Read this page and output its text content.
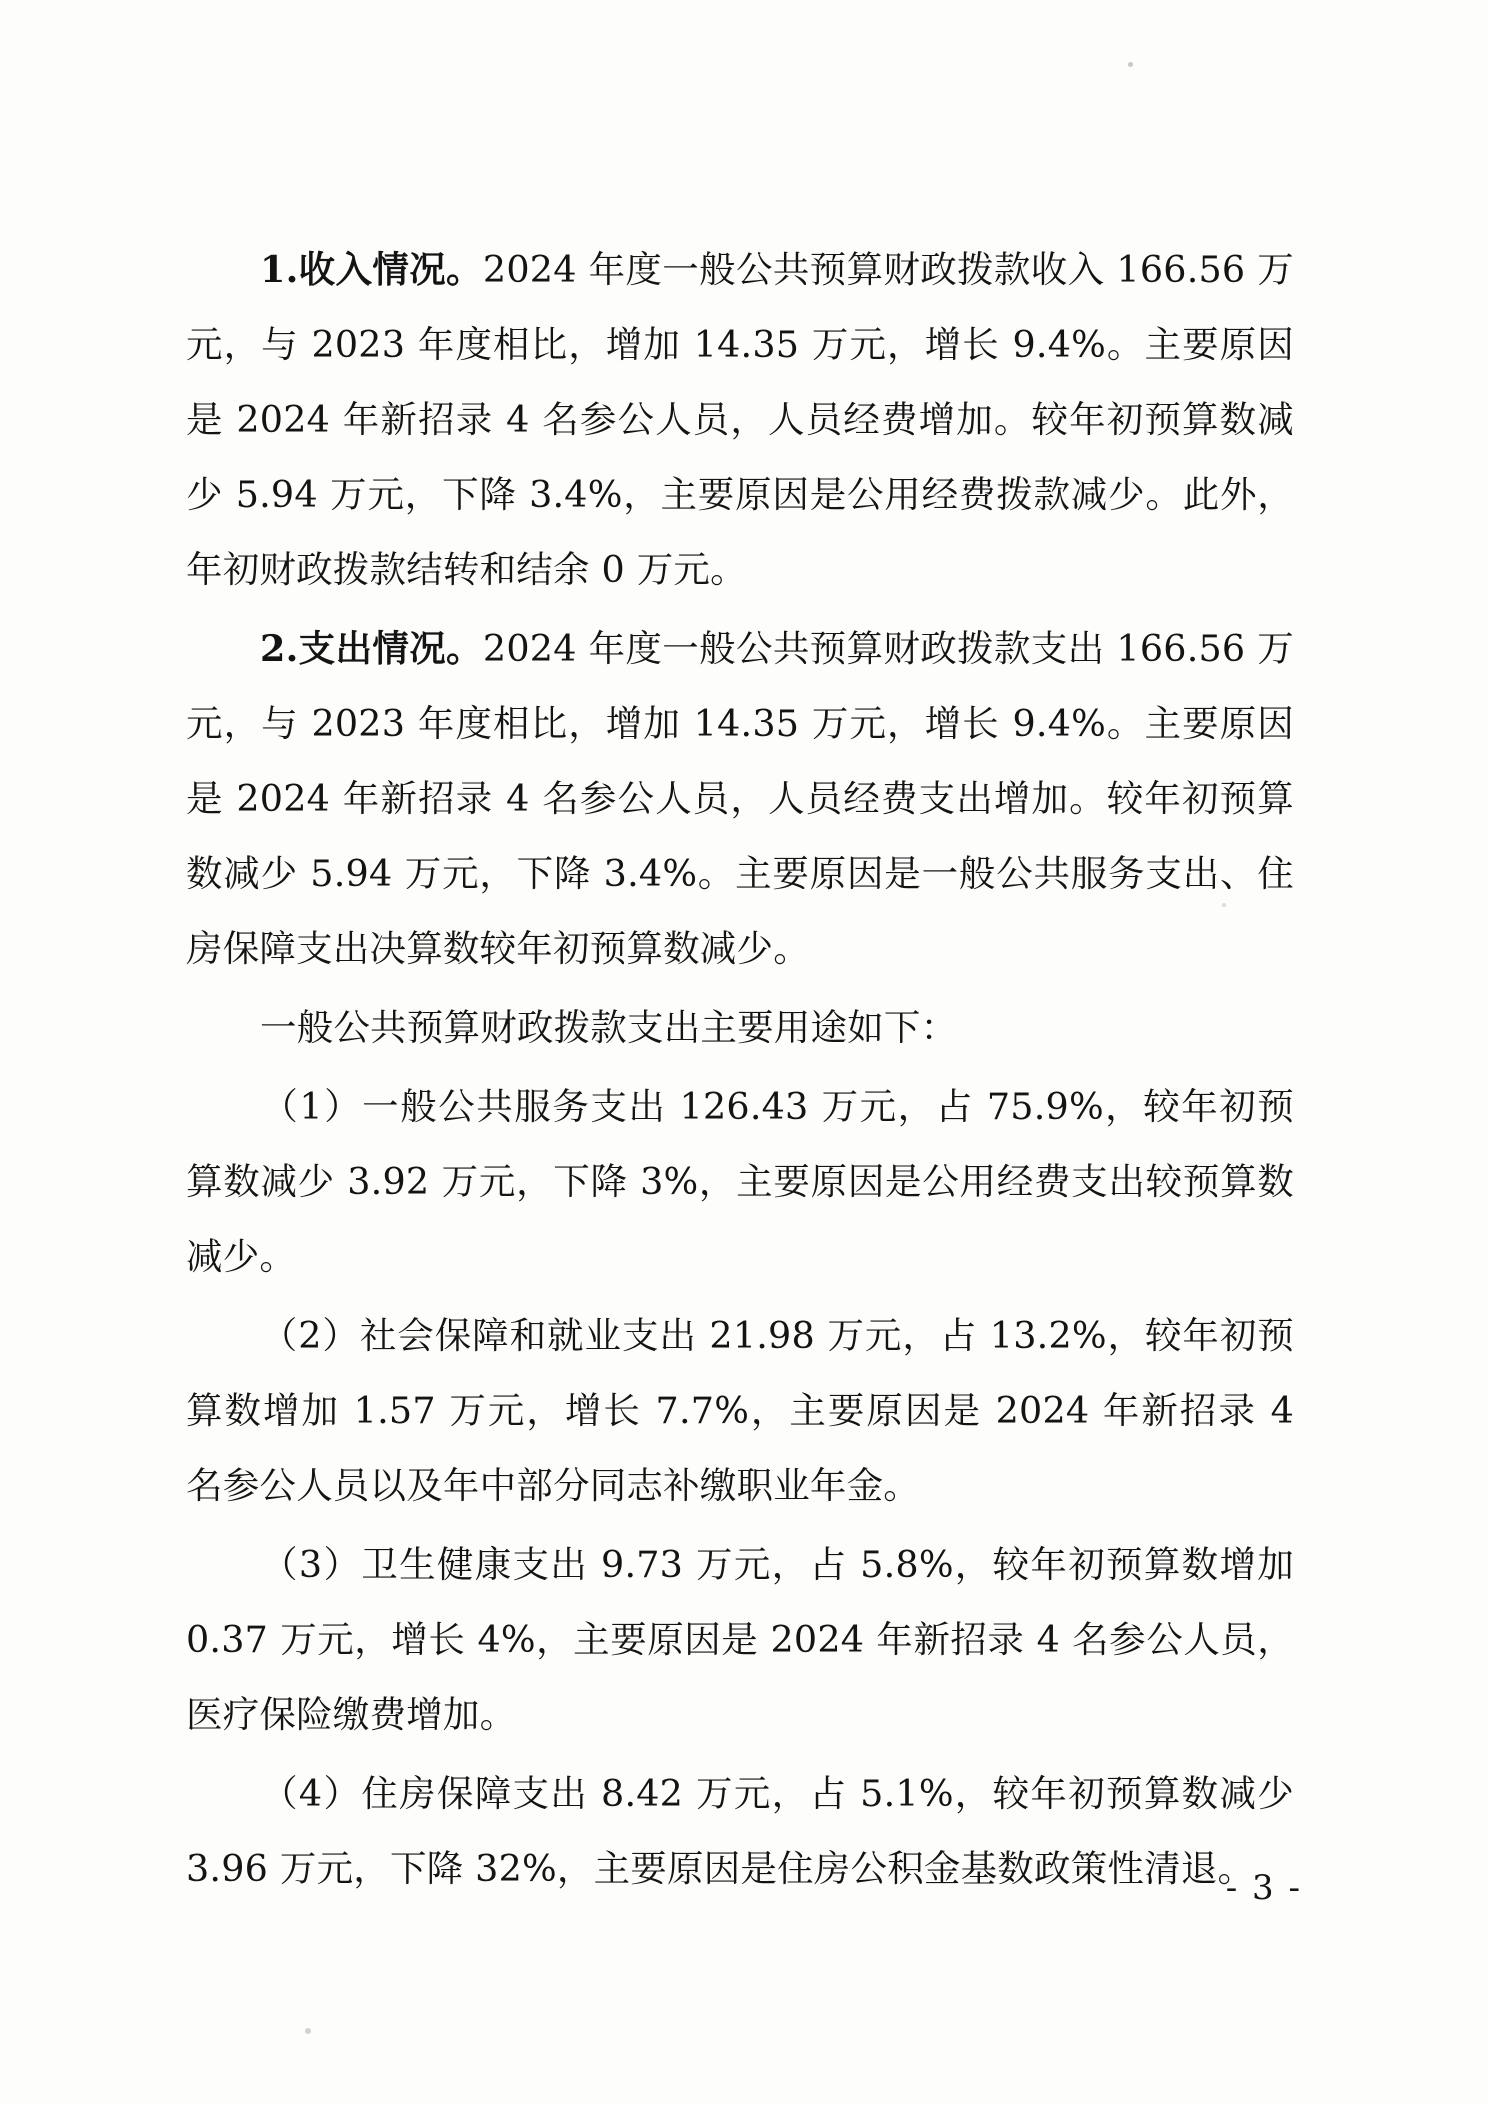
1.收入情况。2024 年度一般公共预算财政拨款收入 166.56 万元，与 2023 年度相比，增加 14.35 万元，增长 9.4%。主要原因是 2024 年新招录 4 名参公人员，人员经费增加。较年初预算数减少 5.94 万元，下降 3.4%，主要原因是公用经费拨款减少。此外，年初财政拨款结转和结余 0 万元。

2.支出情况。2024 年度一般公共预算财政拨款支出 166.56 万元，与 2023 年度相比，增加 14.35 万元，增长 9.4%。主要原因是 2024 年新招录 4 名参公人员，人员经费支出增加。较年初预算数减少 5.94 万元，下降 3.4%。主要原因是一般公共服务支出、住房保障支出决算数较年初预算数减少。

一般公共预算财政拨款支出主要用途如下：

（1）一般公共服务支出 126.43 万元，占 75.9%，较年初预算数减少 3.92 万元，下降 3%，主要原因是公用经费支出较预算数减少。

（2）社会保障和就业支出 21.98 万元，占 13.2%，较年初预算数增加 1.57 万元，增长 7.7%，主要原因是 2024 年新招录 4 名参公人员以及年中部分同志补缴职业年金。

（3）卫生健康支出 9.73 万元，占 5.8%，较年初预算数增加 0.37 万元，增长 4%，主要原因是 2024 年新招录 4 名参公人员，医疗保险缴费增加。

（4）住房保障支出 8.42 万元，占 5.1%，较年初预算数减少 3.96 万元，下降 32%，主要原因是住房公积金基数政策性清退。

- 3 -
